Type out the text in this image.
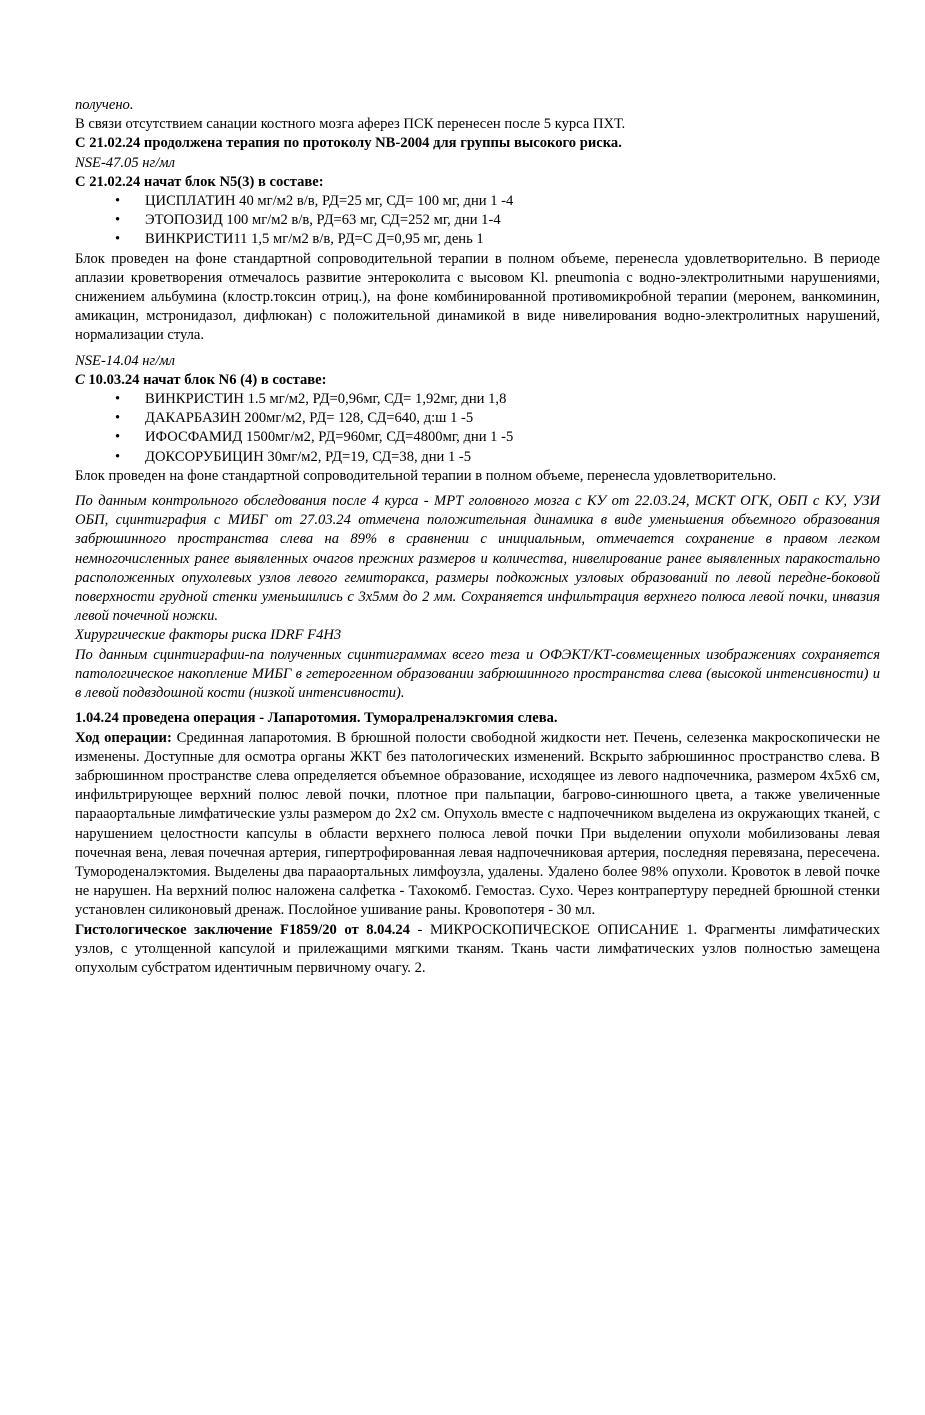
получено.

В связи отсутствием санации костного мозга аферез ПСК перенесен после 5 курса ПХТ.

С 21.02.24 продолжена терапия по протоколу NB-2004 для группы высокого риска.

NSE-47.05 нг/мл

С 21.02.24 начат блок N5(3) в составе:

• ЦИСПЛАТИН 40 мг/м2 в/в, РД=25 мг, СД= 100 мг, дни 1 -4
• ЭТОПОЗИД 100 мг/м2 в/в, РД=63 мг, СД=252 мг, дни 1-4
• ВИНКРИСТИ11 1,5 мг/м2 в/в, РД=С Д=0,95 мг, день 1

Блок проведен на фоне стандартной сопроводительной терапии в полном объеме, перенесла удовлетворительно. В периоде аплазии кроветворения отмечалось развитие энтероколита с высовом Kl. pneumonia с водно-электролитными нарушениями, снижением альбумина (клостр.токсин отриц.), на фоне комбинированной противомикробной терапии (меронем, ванкоминин, амикацин, мстронидазол, дифлюкан) с положительной динамикой в виде нивелирования водно-электролитных нарушений, нормализации стула.

NSE-14.04 нг/мл

С 10.03.24 начат блок N6 (4) в составе:

• ВИНКРИСТИН 1.5 мг/м2, РД=0,96мг, СД= 1,92мг, дни 1,8
• ДАКАРБАЗИН 200мг/м2, РД= 128, СД=640, д:ш 1 -5
• ИФОСФАМИД 1500мг/м2, РД=960мг, СД=4800мг, дни 1 -5
• ДОКСОРУБИЦИН 30мг/м2, РД=19, СД=38, дни 1 -5

Блок проведен на фоне стандартной сопроводительной терапии в полном объеме, перенесла удовлетворительно.

По данным контрольного обследования после 4 курса - МРТ головного мозга с КУ от 22.03.24, МСКТ ОГК, ОБП с КУ, УЗИ ОБП, сцинтиграфия с МИБГ от 27.03.24 отмечена положительная динамика в виде уменьшения объемного образования забрюшинного пространства слева на 89% в сравнении с инициальным, отмечается сохранение в правом легком немногочисленных ранее выявленных очагов прежних размеров и количества, нивелирование ранее выявленных паракостально расположенных опухолевых узлов левого гемиторакса, размеры подкожных узловых образований по левой передне-боковой поверхности грудной стенки уменьшились с 3х5мм до 2 мм. Сохраняется инфильтрация верхнего полюса левой почки, инвазия левой почечной ножки.

Хирургические факторы риска IDRF F4H3

По данным сцинтиграфии-па полученных сцинтиграммах всего теза и ОФЭКТ/КТ-совмещенных изображениях сохраняется патологическое накопление МИБГ в гетерогенном образовании забрюшинного пространства слева (высокой интенсивности) и в левой подвздошной кости (низкой интенсивности).

1.04.24 проведена операция - Лапаротомия. Туморалреналэкгомия слева.

Ход операции: Срединная лапаротомия. В брюшной полости свободной жидкости нет. Печень, селезенка макроскопически не изменены. Доступные для осмотра органы ЖКТ без патологических изменений. Вскрыто забрюшиннос пространство слева. В забрюшинном пространстве слева определяется объемное образование, исходящее из левого надпочечника, размером 4х5х6 см, инфильтрирующее верхний полюс левой почки, плотное при пальпации, багрово-синюшного цвета, а также увеличенные парааортальные лимфатические узлы размером до 2х2 см. Опухоль вместе с надпочечником выделена из окружающих тканей, с нарушением целостности капсулы в области верхнего полюса левой почки При выделении опухоли мобилизованы левая почечная вена, левая почечная артерия, гипертрофированная левая надпочечниковая артерия, последняя перевязана, пересечена. Тумороденалэктомия. Выделены два парааортальных лимфоузла, удалены. Удалено более 98% опухоли. Кровоток в левой почке не нарушен. На верхний полюс наложена салфетка - Тахокомб. Гемостаз. Сухо. Через контрапертуру передней брюшной стенки установлен силиконовый дренаж. Послойное ушивание раны. Кровопотеря - 30 мл.

Гистологическое заключение F1859/20 от 8.04.24 - МИКРОСКОПИЧЕСКОЕ ОПИСАНИЕ 1. Фрагменты лимфатических узлов, с утолщенной капсулой и прилежащими мягкими тканям. Ткань части лимфатических узлов полностью замещена опухолым субстратом идентичным первичному очагу. 2.
